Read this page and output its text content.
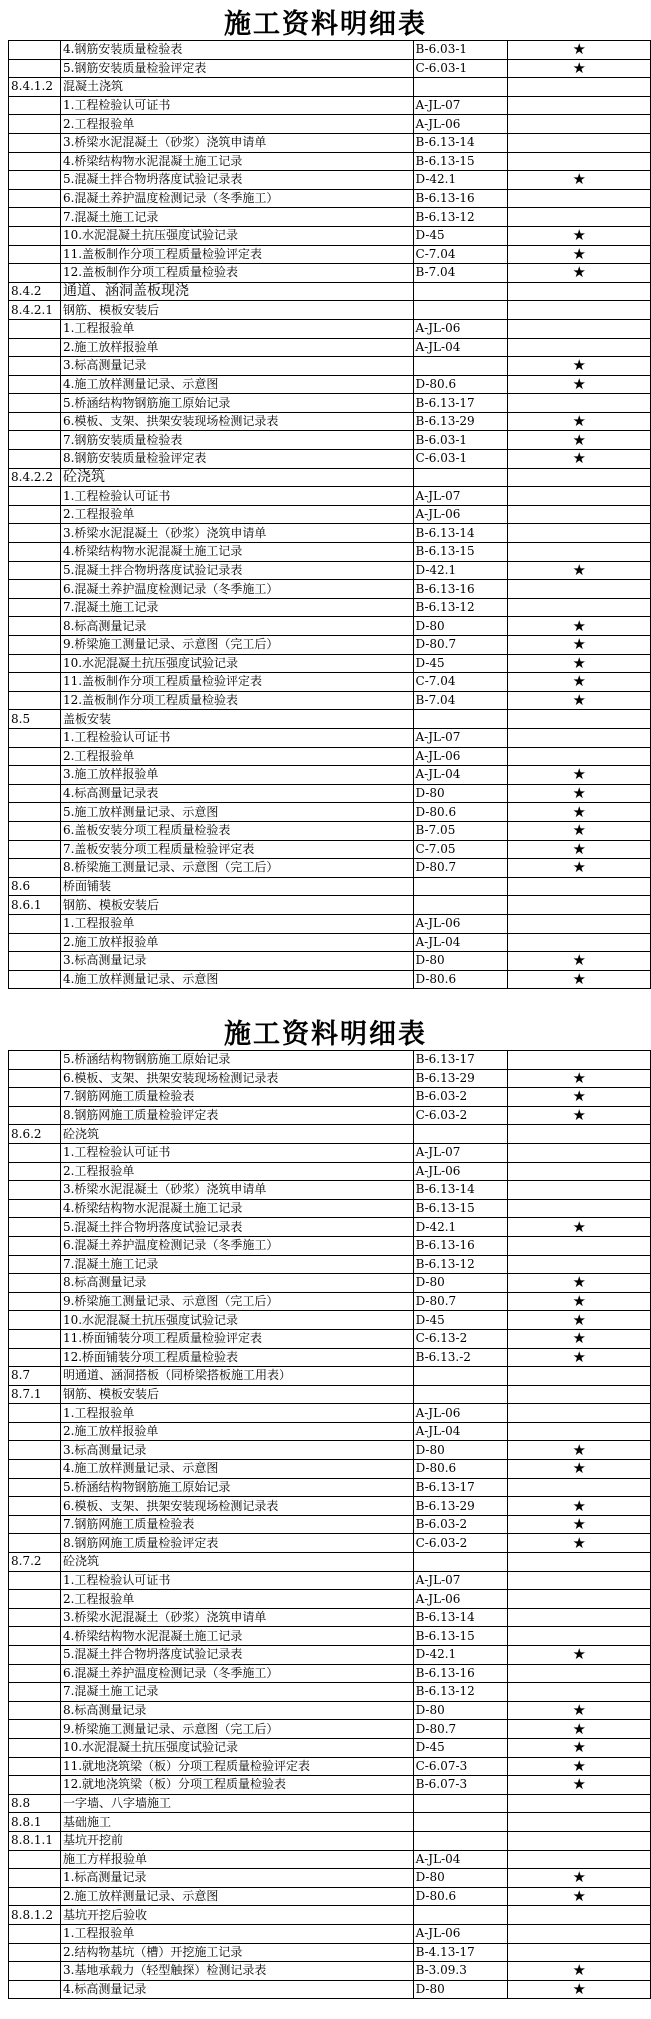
施工资料明细表
	4.钢筋安装质量检验表	B-6.03-1	★
	5.钢筋安装质量检验评定表	C-6.03-1	★
8.4.1.2	混凝土浇筑		
	1.工程检验认可证书	A-JL-07	
	2.工程报验单	A-JL-06	
	3.桥梁水泥混凝土（砂浆）浇筑申请单	B-6.13-14	
	4.桥梁结构物水泥混凝土施工记录	B-6.13-15	
	5.混凝土拌合物坍落度试验记录表	D-42.1	★
	6.混凝土养护温度检测记录（冬季施工）	B-6.13-16	
	7.混凝土施工记录	B-6.13-12	
	10.水泥混凝土抗压强度试验记录	D-45	★
	11.盖板制作分项工程质量检验评定表	C-7.04	★
	12.盖板制作分项工程质量检验表	B-7.04	★
8.4.2	通道、涵洞盖板现浇		
8.4.2.1	钢筋、模板安装后		
	1.工程报验单	A-JL-06	
	2.施工放样报验单	A-JL-04	
	3.标高测量记录		★
	4.施工放样测量记录、示意图	D-80.6	★
	5.桥涵结构物钢筋施工原始记录	B-6.13-17	
	6.模板、支架、拱架安装现场检测记录表	B-6.13-29	★
	7.钢筋安装质量检验表	B-6.03-1	★
	8.钢筋安装质量检验评定表	C-6.03-1	★
8.4.2.2	砼浇筑		
	1.工程检验认可证书	A-JL-07	
	2.工程报验单	A-JL-06	
	3.桥梁水泥混凝土（砂浆）浇筑申请单	B-6.13-14	
	4.桥梁结构物水泥混凝土施工记录	B-6.13-15	
	5.混凝土拌合物坍落度试验记录表	D-42.1	★
	6.混凝土养护温度检测记录（冬季施工）	B-6.13-16	
	7.混凝土施工记录	B-6.13-12	
	8.标高测量记录	D-80	★
	9.桥梁施工测量记录、示意图（完工后）	D-80.7	★
	10.水泥混凝土抗压强度试验记录	D-45	★
	11.盖板制作分项工程质量检验评定表	C-7.04	★
	12.盖板制作分项工程质量检验表	B-7.04	★
8.5	盖板安装		
	1.工程检验认可证书	A-JL-07	
	2.工程报验单	A-JL-06	
	3.施工放样报验单	A-JL-04	★
	4.标高测量记录表	D-80	★
	5.施工放样测量记录、示意图	D-80.6	★
	6.盖板安装分项工程质量检验表	B-7.05	★
	7.盖板安装分项工程质量检验评定表	C-7.05	★
	8.桥梁施工测量记录、示意图（完工后）	D-80.7	★
8.6	桥面铺装		
8.6.1	钢筋、模板安装后		
	1.工程报验单	A-JL-06	
	2.施工放样报验单	A-JL-04	
	3.标高测量记录	D-80	★
	4.施工放样测量记录、示意图	D-80.6	★
施工资料明细表
	5.桥涵结构物钢筋施工原始记录	B-6.13-17	
	6.模板、支架、拱架安装现场检测记录表	B-6.13-29	★
	7.钢筋网施工质量检验表	B-6.03-2	★
	8.钢筋网施工质量检验评定表	C-6.03-2	★
8.6.2	砼浇筑		
	1.工程检验认可证书	A-JL-07	
	2.工程报验单	A-JL-06	
	3.桥梁水泥混凝土（砂浆）浇筑申请单	B-6.13-14	
	4.桥梁结构物水泥混凝土施工记录	B-6.13-15	
	5.混凝土拌合物坍落度试验记录表	D-42.1	★
	6.混凝土养护温度检测记录（冬季施工）	B-6.13-16	
	7.混凝土施工记录	B-6.13-12	
	8.标高测量记录	D-80	★
	9.桥梁施工测量记录、示意图（完工后）	D-80.7	★
	10.水泥混凝土抗压强度试验记录	D-45	★
	11.桥面铺装分项工程质量检验评定表	C-6.13-2	★
	12.桥面铺装分项工程质量检验表	B-6.13.-2	★
8.7	明通道、涵洞搭板（同桥梁搭板施工用表）		
8.7.1	钢筋、模板安装后		
	1.工程报验单	A-JL-06	
	2.施工放样报验单	A-JL-04	
	3.标高测量记录	D-80	★
	4.施工放样测量记录、示意图	D-80.6	★
	5.桥涵结构物钢筋施工原始记录	B-6.13-17	
	6.模板、支架、拱架安装现场检测记录表	B-6.13-29	★
	7.钢筋网施工质量检验表	B-6.03-2	★
	8.钢筋网施工质量检验评定表	C-6.03-2	★
8.7.2	砼浇筑		
	1.工程检验认可证书	A-JL-07	
	2.工程报验单	A-JL-06	
	3.桥梁水泥混凝土（砂浆）浇筑申请单	B-6.13-14	
	4.桥梁结构物水泥混凝土施工记录	B-6.13-15	
	5.混凝土拌合物坍落度试验记录表	D-42.1	★
	6.混凝土养护温度检测记录（冬季施工）	B-6.13-16	
	7.混凝土施工记录	B-6.13-12	
	8.标高测量记录	D-80	★
	9.桥梁施工测量记录、示意图（完工后）	D-80.7	★
	10.水泥混凝土抗压强度试验记录	D-45	★
	11.就地浇筑梁（板）分项工程质量检验评定表	C-6.07-3	★
	12.就地浇筑梁（板）分项工程质量检验表	B-6.07-3	★
8.8	一字墙、八字墙施工		
8.8.1	基础施工		
8.8.1.1	基坑开挖前		
	施工方样报验单	A-JL-04	
	1.标高测量记录	D-80	★
	2.施工放样测量记录、示意图	D-80.6	★
8.8.1.2	基坑开挖后验收		
	1.工程报验单	A-JL-06	
	2.结构物基坑（槽）开挖施工记录	B-4.13-17	
	3.基地承载力（轻型触探）检测记录表	B-3.09.3	★
	4.标高测量记录	D-80	★
